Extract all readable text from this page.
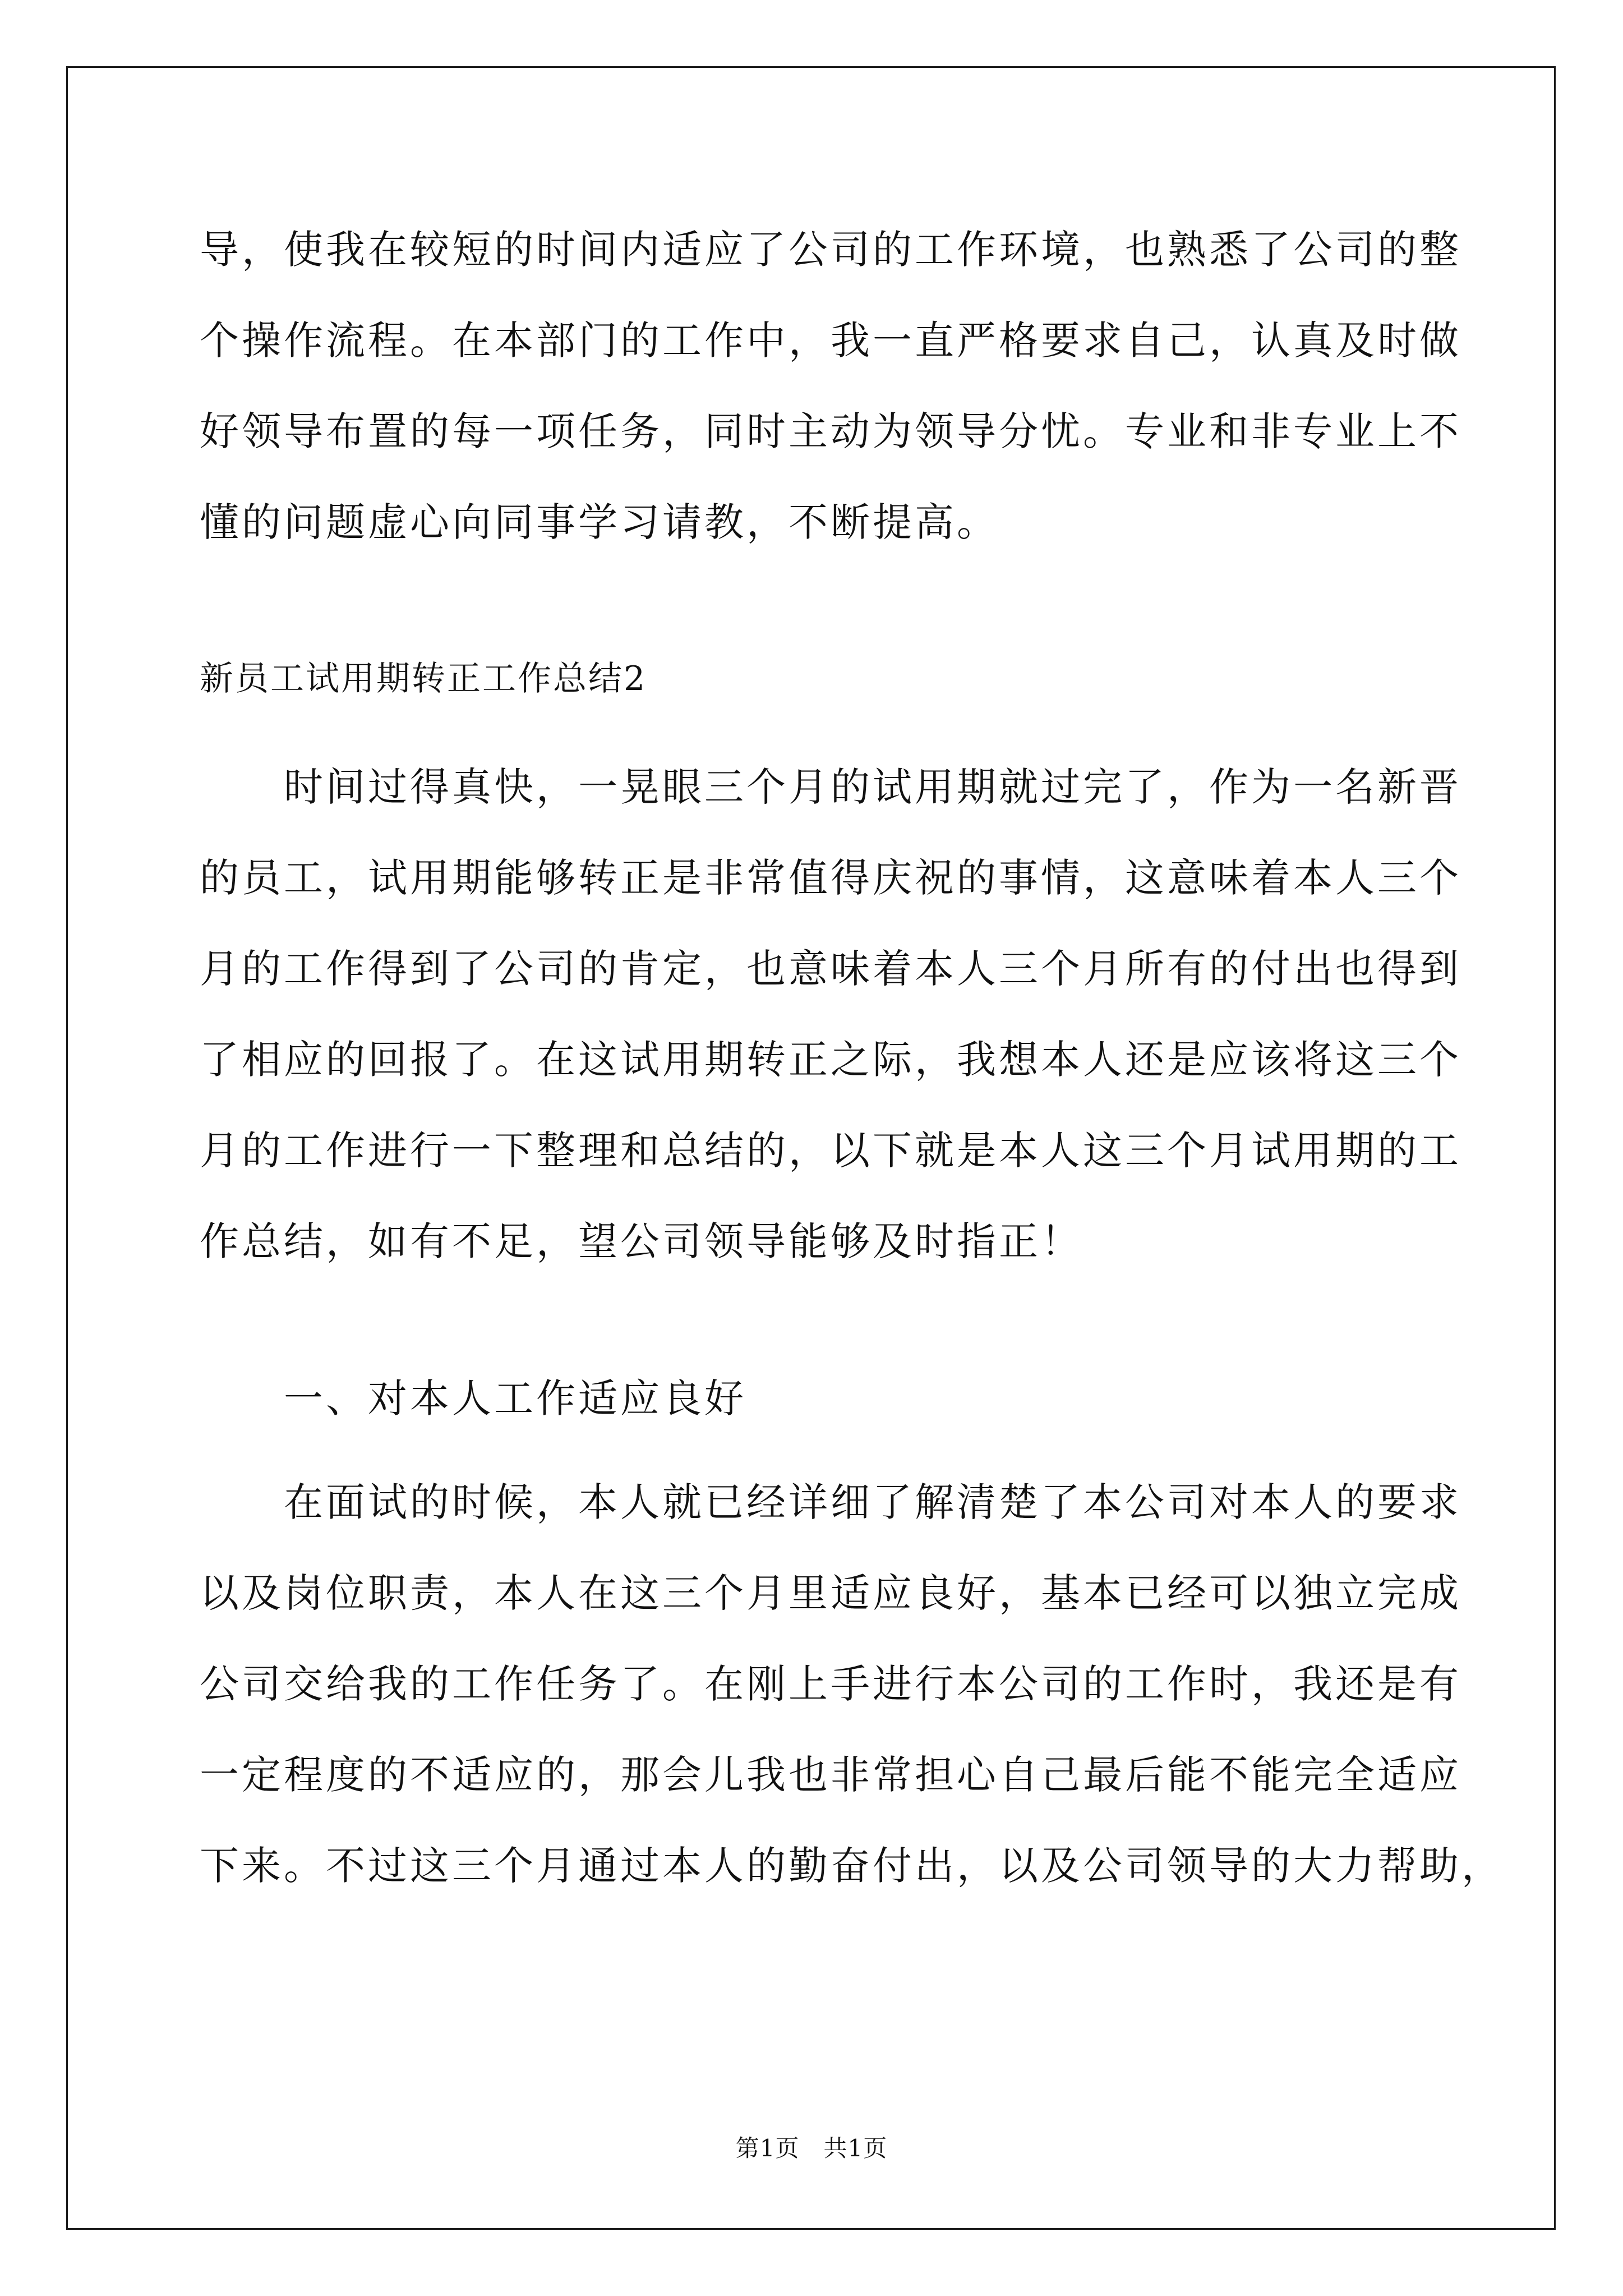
导，使我在较短的时间内适应了公司的工作环境，也熟悉了公司的整
个操作流程。在本部门的工作中，我一直严格要求自己，认真及时做
好领导布置的每一项任务，同时主动为领导分忧。专业和非专业上不
懂的问题虚心向同事学习请教，不断提高。
新员工试用期转正工作总结2
时间过得真快，一晃眼三个月的试用期就过完了，作为一名新晋
的员工，试用期能够转正是非常值得庆祝的事情，这意味着本人三个
月的工作得到了公司的肯定，也意味着本人三个月所有的付出也得到
了相应的回报了。在这试用期转正之际，我想本人还是应该将这三个
月的工作进行一下整理和总结的，以下就是本人这三个月试用期的工
作总结，如有不足，望公司领导能够及时指正！
一、对本人工作适应良好
在面试的时候，本人就已经详细了解清楚了本公司对本人的要求
以及岗位职责，本人在这三个月里适应良好，基本已经可以独立完成
公司交给我的工作任务了。在刚上手进行本公司的工作时，我还是有
一定程度的不适应的，那会儿我也非常担心自己最后能不能完全适应
下来。不过这三个月通过本人的勤奋付出，以及公司领导的大力帮助，
第1页　共1页
